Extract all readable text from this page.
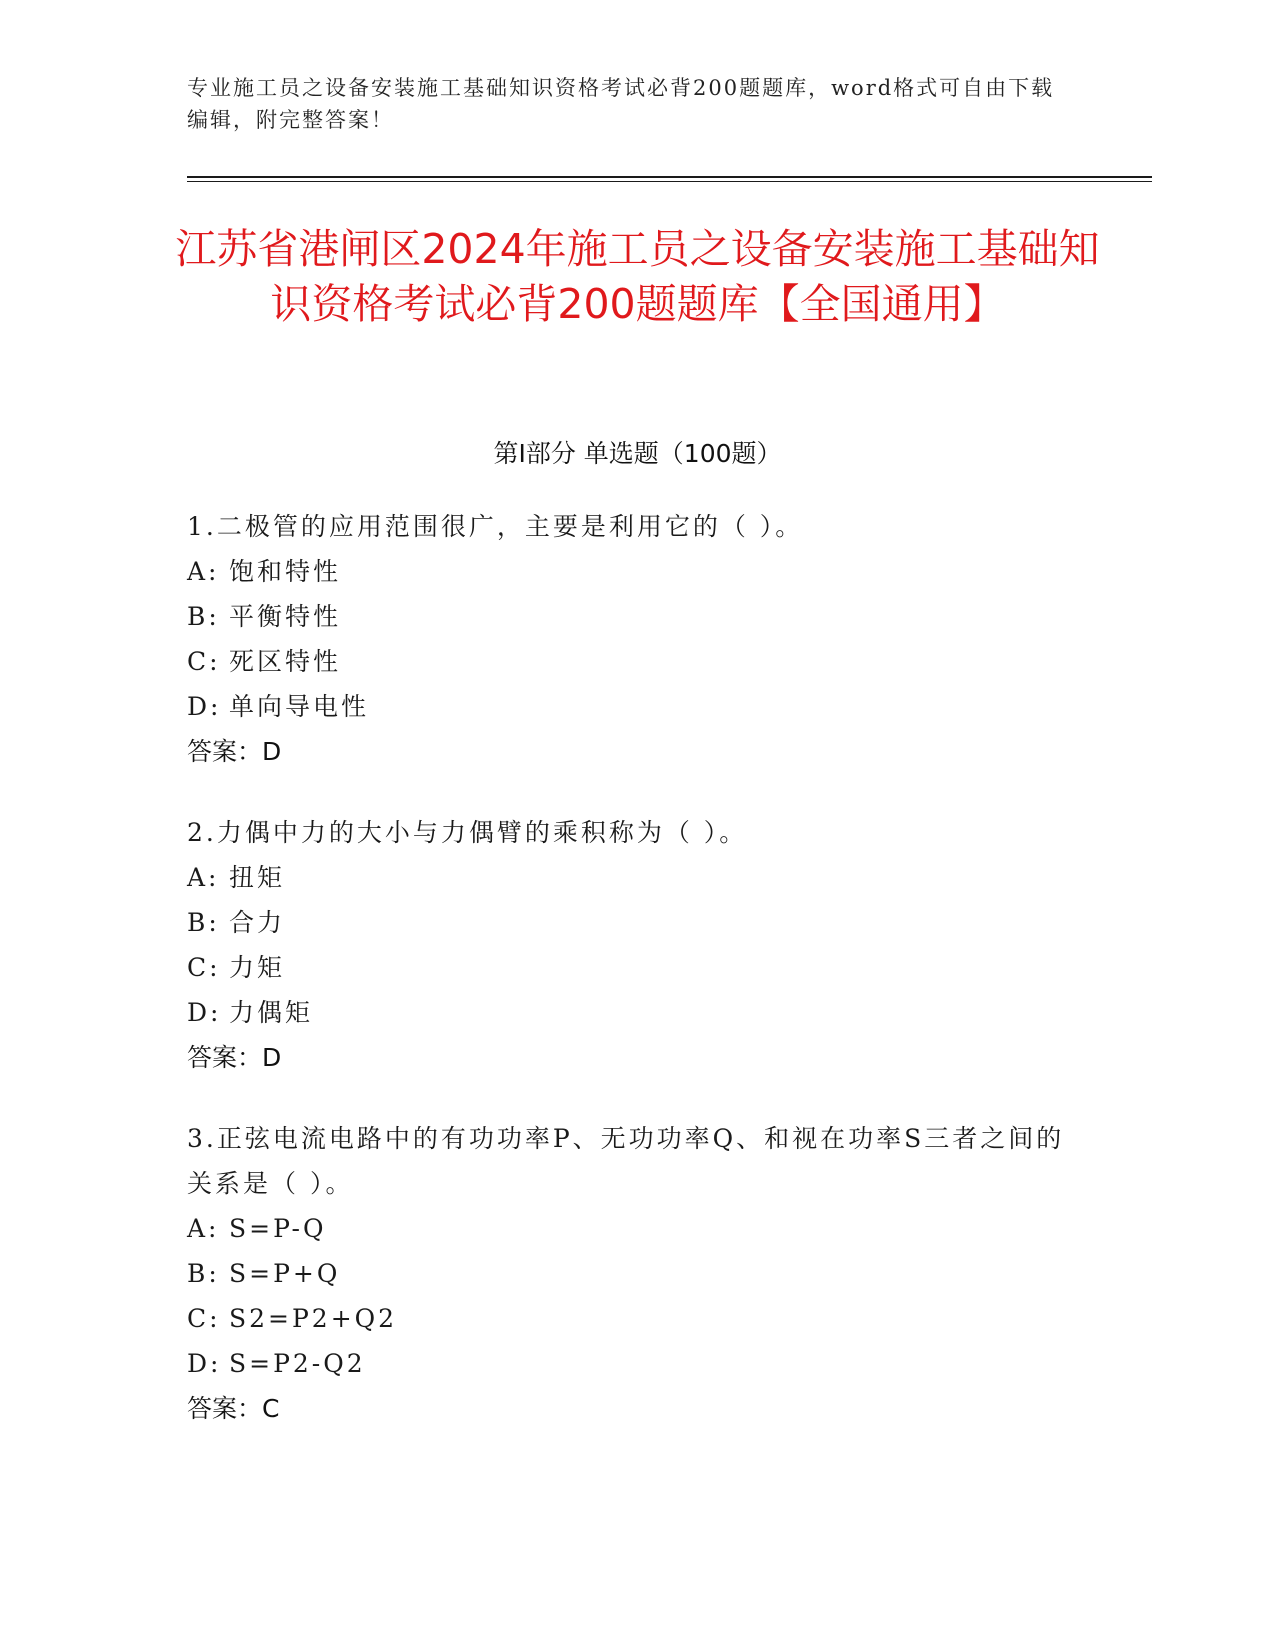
专业施工员之设备安装施工基础知识资格考试必背200题题库，word格式可自由下载编辑，附完整答案！
江苏省港闸区2024年施工员之设备安装施工基础知识资格考试必背200题题库【全国通用】
第Ⅰ部分 单选题（100题）
1.二极管的应用范围很广，主要是利用它的（ ）。
A: 饱和特性
B: 平衡特性
C: 死区特性
D: 单向导电性
答案：D
2.力偶中力的大小与力偶臂的乘积称为（ ）。
A: 扭矩
B: 合力
C: 力矩
D: 力偶矩
答案：D
3.正弦电流电路中的有功功率P、无功功率Q、和视在功率S三者之间的关系是（ ）。
A: S=P-Q
B: S=P+Q
C: S2=P2+Q2
D: S=P2-Q2
答案：C
